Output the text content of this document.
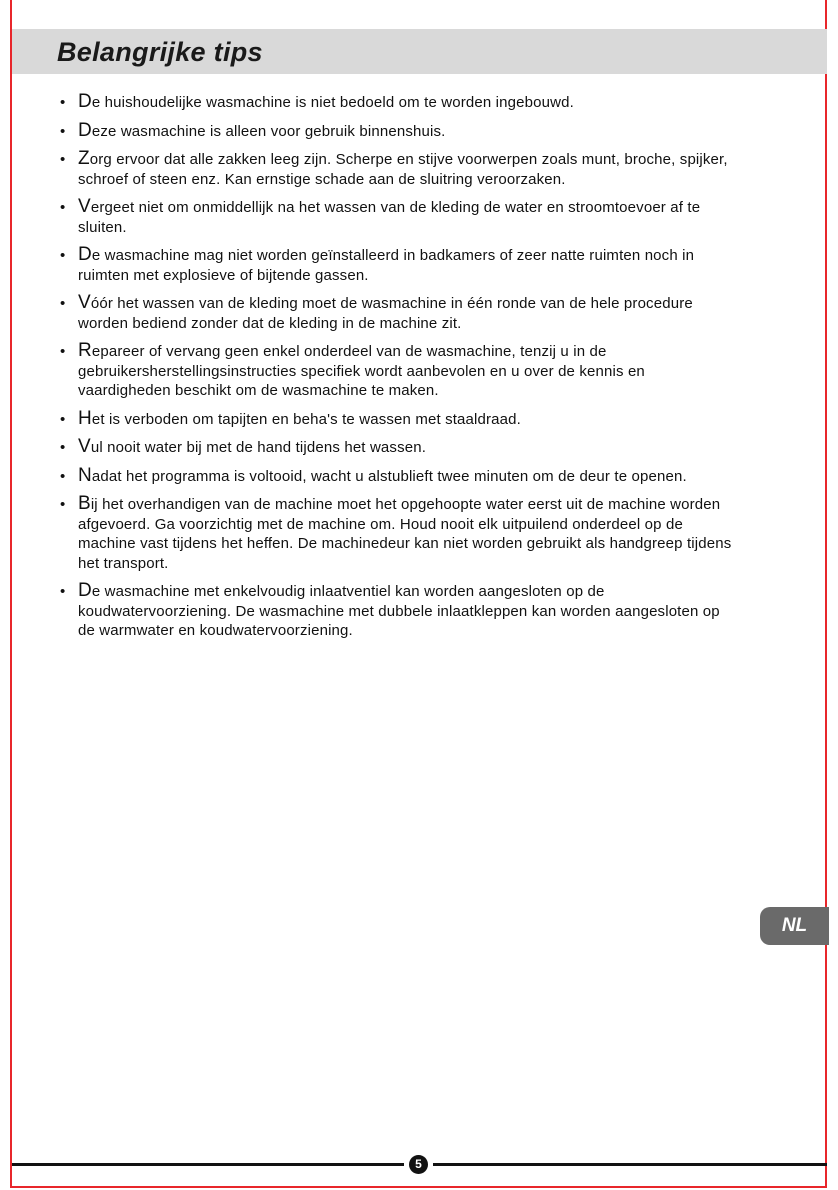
Belangrijke tips
• De huishoudelijke wasmachine is niet bedoeld om te worden ingebouwd.
• Deze wasmachine is alleen voor gebruik binnenshuis.
• Zorg ervoor dat alle zakken leeg zijn. Scherpe en stijve voorwerpen zoals munt, broche, spijker, schroef of steen enz. Kan ernstige schade aan de sluitring veroorzaken.
• Vergeet niet om onmiddellijk na het wassen van de kleding de water en stroomtoevoer af te sluiten.
• De wasmachine mag niet worden geïnstalleerd in badkamers of zeer natte ruimten noch in ruimten met explosieve of bijtende gassen.
• Vóór het wassen van de kleding moet de wasmachine in één ronde van de hele procedure worden bediend zonder dat de kleding in de machine zit.
• Repareer of vervang geen enkel onderdeel van de wasmachine, tenzij u in de gebruikersherstellingsinstructies specifiek wordt aanbevolen en u over de kennis en vaardigheden beschikt om de wasmachine te maken.
• Het is verboden om tapijten en beha's te wassen met staaldraad.
• Vul nooit water bij met de hand tijdens het wassen.
• Nadat het programma is voltooid, wacht u alstublieft twee minuten om de deur te openen.
• Bij het overhandigen van de machine moet het opgehoopte water eerst uit de machine worden afgevoerd. Ga voorzichtig met de machine om. Houd nooit elk uitpuilend onderdeel op de machine vast tijdens het heffen. De machinedeur kan niet worden gebruikt als handgreep tijdens het transport.
• De wasmachine met enkelvoudig inlaatventiel kan worden aangesloten op de koudwatervoorziening. De wasmachine met dubbele inlaatkleppen kan worden aangesloten op de warmwater en koudwatervoorziening.
NL
5
